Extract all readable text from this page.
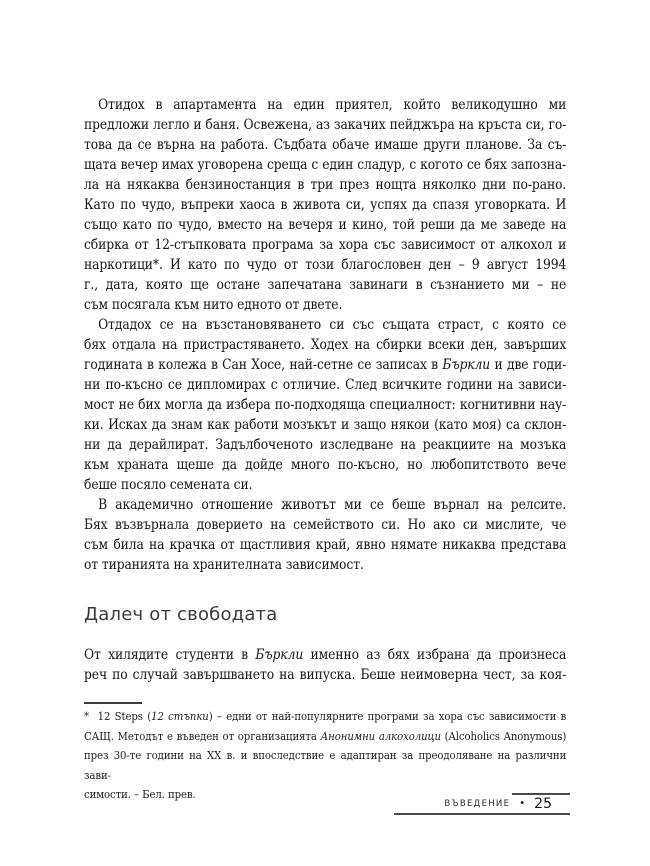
Отидох в апартамента на един приятел, който великодушно ми
предложи легло и баня. Освежена, аз закачих пейджъра на кръста си, го-
това да се върна на работа. Съдбата обаче имаше други планове. За съ-
щата вечер имах уговорена среща с един сладур, с когото се бях запозна-
ла на някаква бензиностанция в три през нощта няколко дни по-рано.
Като по чудо, въпреки хаоса в живота си, успях да спазя уговорката. И
също като по чудо, вместо на вечеря и кино, той реши да ме заведе на
сбирка от 12-стъпковата програма за хора със зависимост от алкохол и
наркотици*. И като по чудо от този благословен ден – 9 август 1994
г., дата, която ще остане запечатана завинаги в съзнанието ми – не
съм посягала към нито едното от двете.
Отдадох се на възстановяването си със същата страст, с която се
бях отдала на пристрастяването. Ходех на сбирки всеки ден, завърших
годината в колежа в Сан Хосе, най-сетне се записах в Бъркли и две годи-
ни по-късно се дипломирах с отличие. След всичките години на зависи-
мост не бих могла да избера по-подходяща специалност: когнитивни нау-
ки. Исках да знам как работи мозъкът и защо някои (като моя) са склон-
ни да дерайлират. Задълбоченото изследване на реакциите на мозъка
към храната щеше да дойде много по-късно, но любопитството вече
беше посяло семената си.
В академично отношение животът ми се беше върнал на релсите.
Бях възвърнала доверието на семейството си. Но ако си мислите, че
съм била на крачка от щастливия край, явно нямате никаква представа
от тиранията на хранителната зависимост.
Далеч от свободата
От хилядите студенти в Бъркли именно аз бях избрана да произнеса
реч по случай завършването на випуска. Беше неимоверна чест, за коя-
*  12 Steps (12 стъпки) – едни от най-популярните програми за хора със зависимости в
САЩ. Методът е въведен от организацията Анонимни алкохолици (Alcoholics Anonymous)
през 30-те години на XX в. и впоследствие е адаптиран за преодоляване на различни зави-
симости. – Бел. прев.
ВЪВЕДЕНИЕ • 25
